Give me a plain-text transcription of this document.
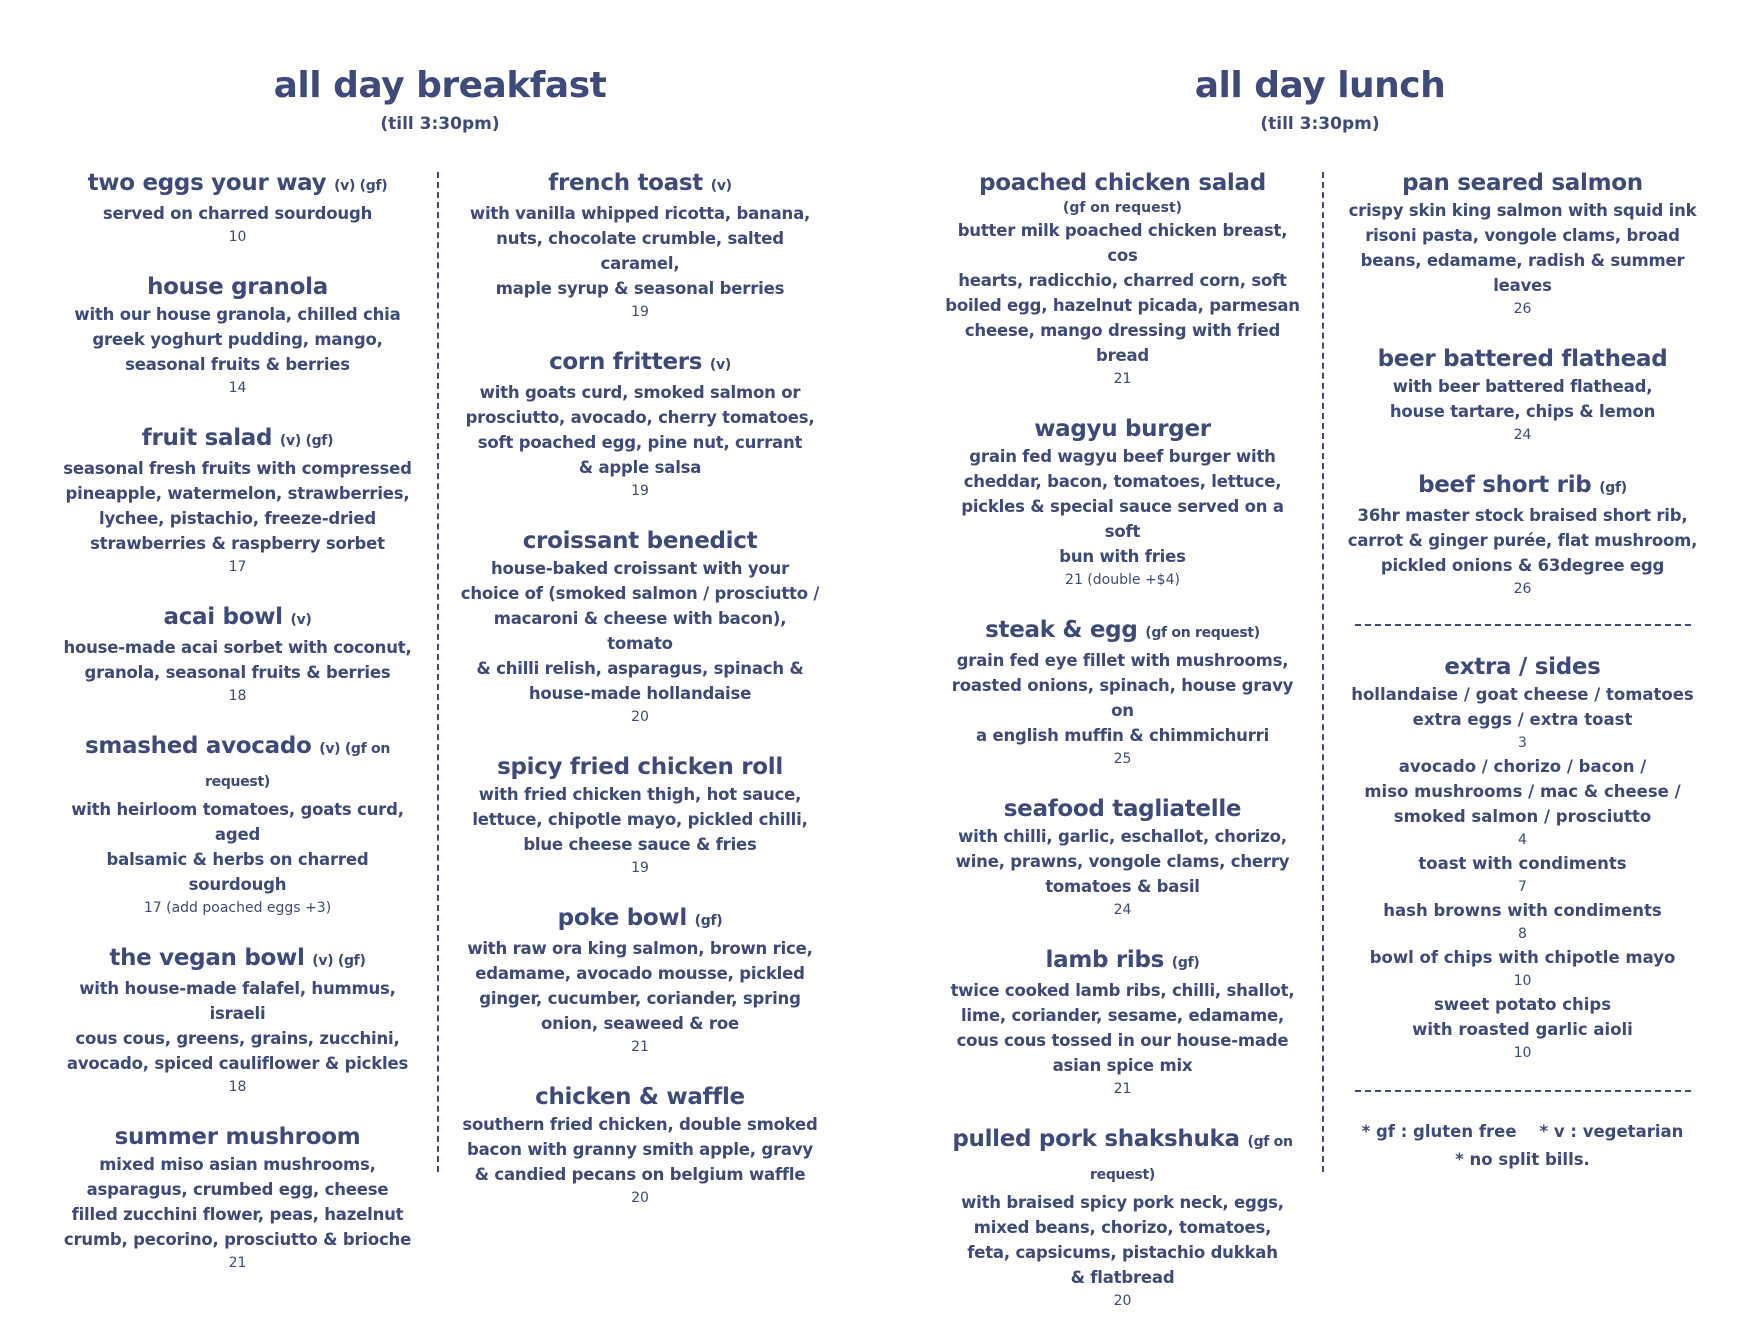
all day breakfast
(till 3:30pm)
all day lunch
(till 3:30pm)
two eggs your way (v) (gf)
served on charred sourdough
10
house granola
with our house granola, chilled chia
greek yoghurt pudding, mango,
seasonal fruits & berries
14
fruit salad (v) (gf)
seasonal fresh fruits with compressed
pineapple, watermelon, strawberries,
lychee, pistachio, freeze-dried
strawberries & raspberry sorbet
17
acai bowl (v)
house-made acai sorbet with coconut,
granola, seasonal fruits & berries
18
smashed avocado (v) (gf on request)
with heirloom tomatoes, goats curd, aged
balsamic & herbs on charred sourdough
17 (add poached eggs +3)
the vegan bowl (v) (gf)
with house-made falafel, hummus, israeli
cous cous, greens, grains, zucchini,
avocado, spiced cauliflower & pickles
18
summer mushroom
mixed miso asian mushrooms,
asparagus, crumbed egg, cheese
filled zucchini flower, peas, hazelnut
crumb, pecorino, prosciutto & brioche
21
french toast (v)
with vanilla whipped ricotta, banana,
nuts, chocolate crumble, salted caramel,
maple syrup & seasonal berries
19
corn fritters (v)
with goats curd, smoked salmon or
prosciutto, avocado, cherry tomatoes,
soft poached egg, pine nut, currant
& apple salsa
19
croissant benedict
house-baked croissant with your
choice of (smoked salmon / prosciutto /
macaroni & cheese with bacon), tomato
& chilli relish, asparagus, spinach &
house-made hollandaise
20
spicy fried chicken roll
with fried chicken thigh, hot sauce,
lettuce, chipotle mayo, pickled chilli,
blue cheese sauce & fries
19
poke bowl (gf)
with raw ora king salmon, brown rice,
edamame, avocado mousse, pickled
ginger, cucumber, coriander, spring
onion, seaweed & roe
21
chicken & waffle
southern fried chicken, double smoked
bacon with granny smith apple, gravy
& candied pecans on belgium waffle
20
poached chicken salad
(gf on request)
butter milk poached chicken breast, cos
hearts, radicchio, charred corn, soft
boiled egg, hazelnut picada, parmesan
cheese, mango dressing with fried bread
21
wagyu burger
grain fed wagyu beef burger with
cheddar, bacon, tomatoes, lettuce,
pickles & special sauce served on a soft
bun with fries
21 (double +$4)
steak & egg (gf on request)
grain fed eye fillet with mushrooms,
roasted onions, spinach, house gravy on
a english muffin & chimmichurri
25
seafood tagliatelle
with chilli, garlic, eschallot, chorizo,
wine, prawns, vongole clams, cherry
tomatoes & basil
24
lamb ribs (gf)
twice cooked lamb ribs, chilli, shallot,
lime, coriander, sesame, edamame,
cous cous tossed in our house-made
asian spice mix
21
pulled pork shakshuka (gf on request)
with braised spicy pork neck, eggs,
mixed beans, chorizo, tomatoes,
feta, capsicums, pistachio dukkah
& flatbread
20
pan seared salmon
crispy skin king salmon with squid ink
risoni pasta, vongole clams, broad
beans, edamame, radish & summer leaves
26
beer battered flathead
with beer battered flathead,
house tartare, chips & lemon
24
beef short rib (gf)
36hr master stock braised short rib,
carrot & ginger purée, flat mushroom,
pickled onions & 63degree egg
26
extra / sides
hollandaise / goat cheese / tomatoes
extra eggs / extra toast
3
avocado / chorizo / bacon /
miso mushrooms / mac & cheese /
smoked salmon / prosciutto
4
toast with condiments
7
hash browns with condiments
8
bowl of chips with chipotle mayo
10
sweet potato chips
with roasted garlic aioli
10
* gf : gluten free    * v : vegetarian
* no split bills.
